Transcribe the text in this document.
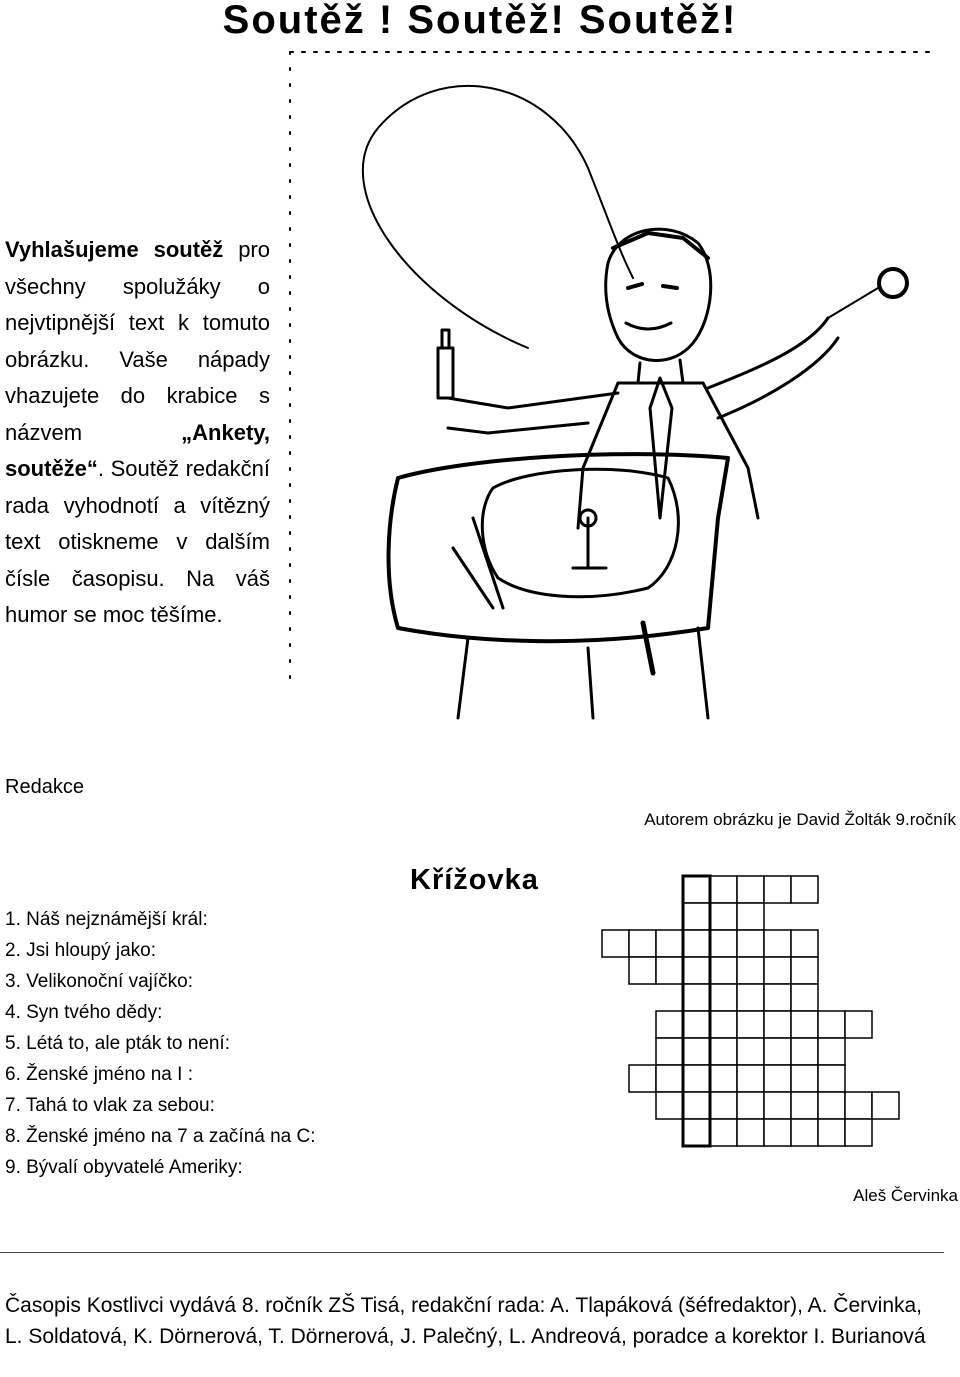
Soutěž ! Soutěž! Soutěž!

Vyhlašujeme soutěž pro všechny spolužáky o nejvtipnější text k tomuto obrázku. Vaše nápady vhazujete do krabice s názvem „Ankety, soutěže“. Soutěž redakční rada vyhodnotí a vítězný text otiskneme v dalším čísle časopisu. Na váš humor se moc těšíme.

Redakce
Autorem obrázku je David Žolták 9.ročník
Křížovka
1. Náš nejznámější král:
2. Jsi hloupý jako:
3. Velikonoční vajíčko:
4. Syn tvého dědy:
5. Létá to, ale pták to není:
6. Ženské jméno na I :
7. Tahá to vlak za sebou:
8. Ženské jméno na 7 a začíná na C:
9. Bývalí obyvatelé Ameriky:
Aleš Červinka
Časopis Kostlivci vydává 8. ročník ZŠ Tisá, redakční rada: A. Tlapáková (šéfredaktor), A. Červinka, L. Soldatová, K. Dörnerová, T. Dörnerová, J. Palečný, L. Andreová, poradce a korektor I. Burianová
